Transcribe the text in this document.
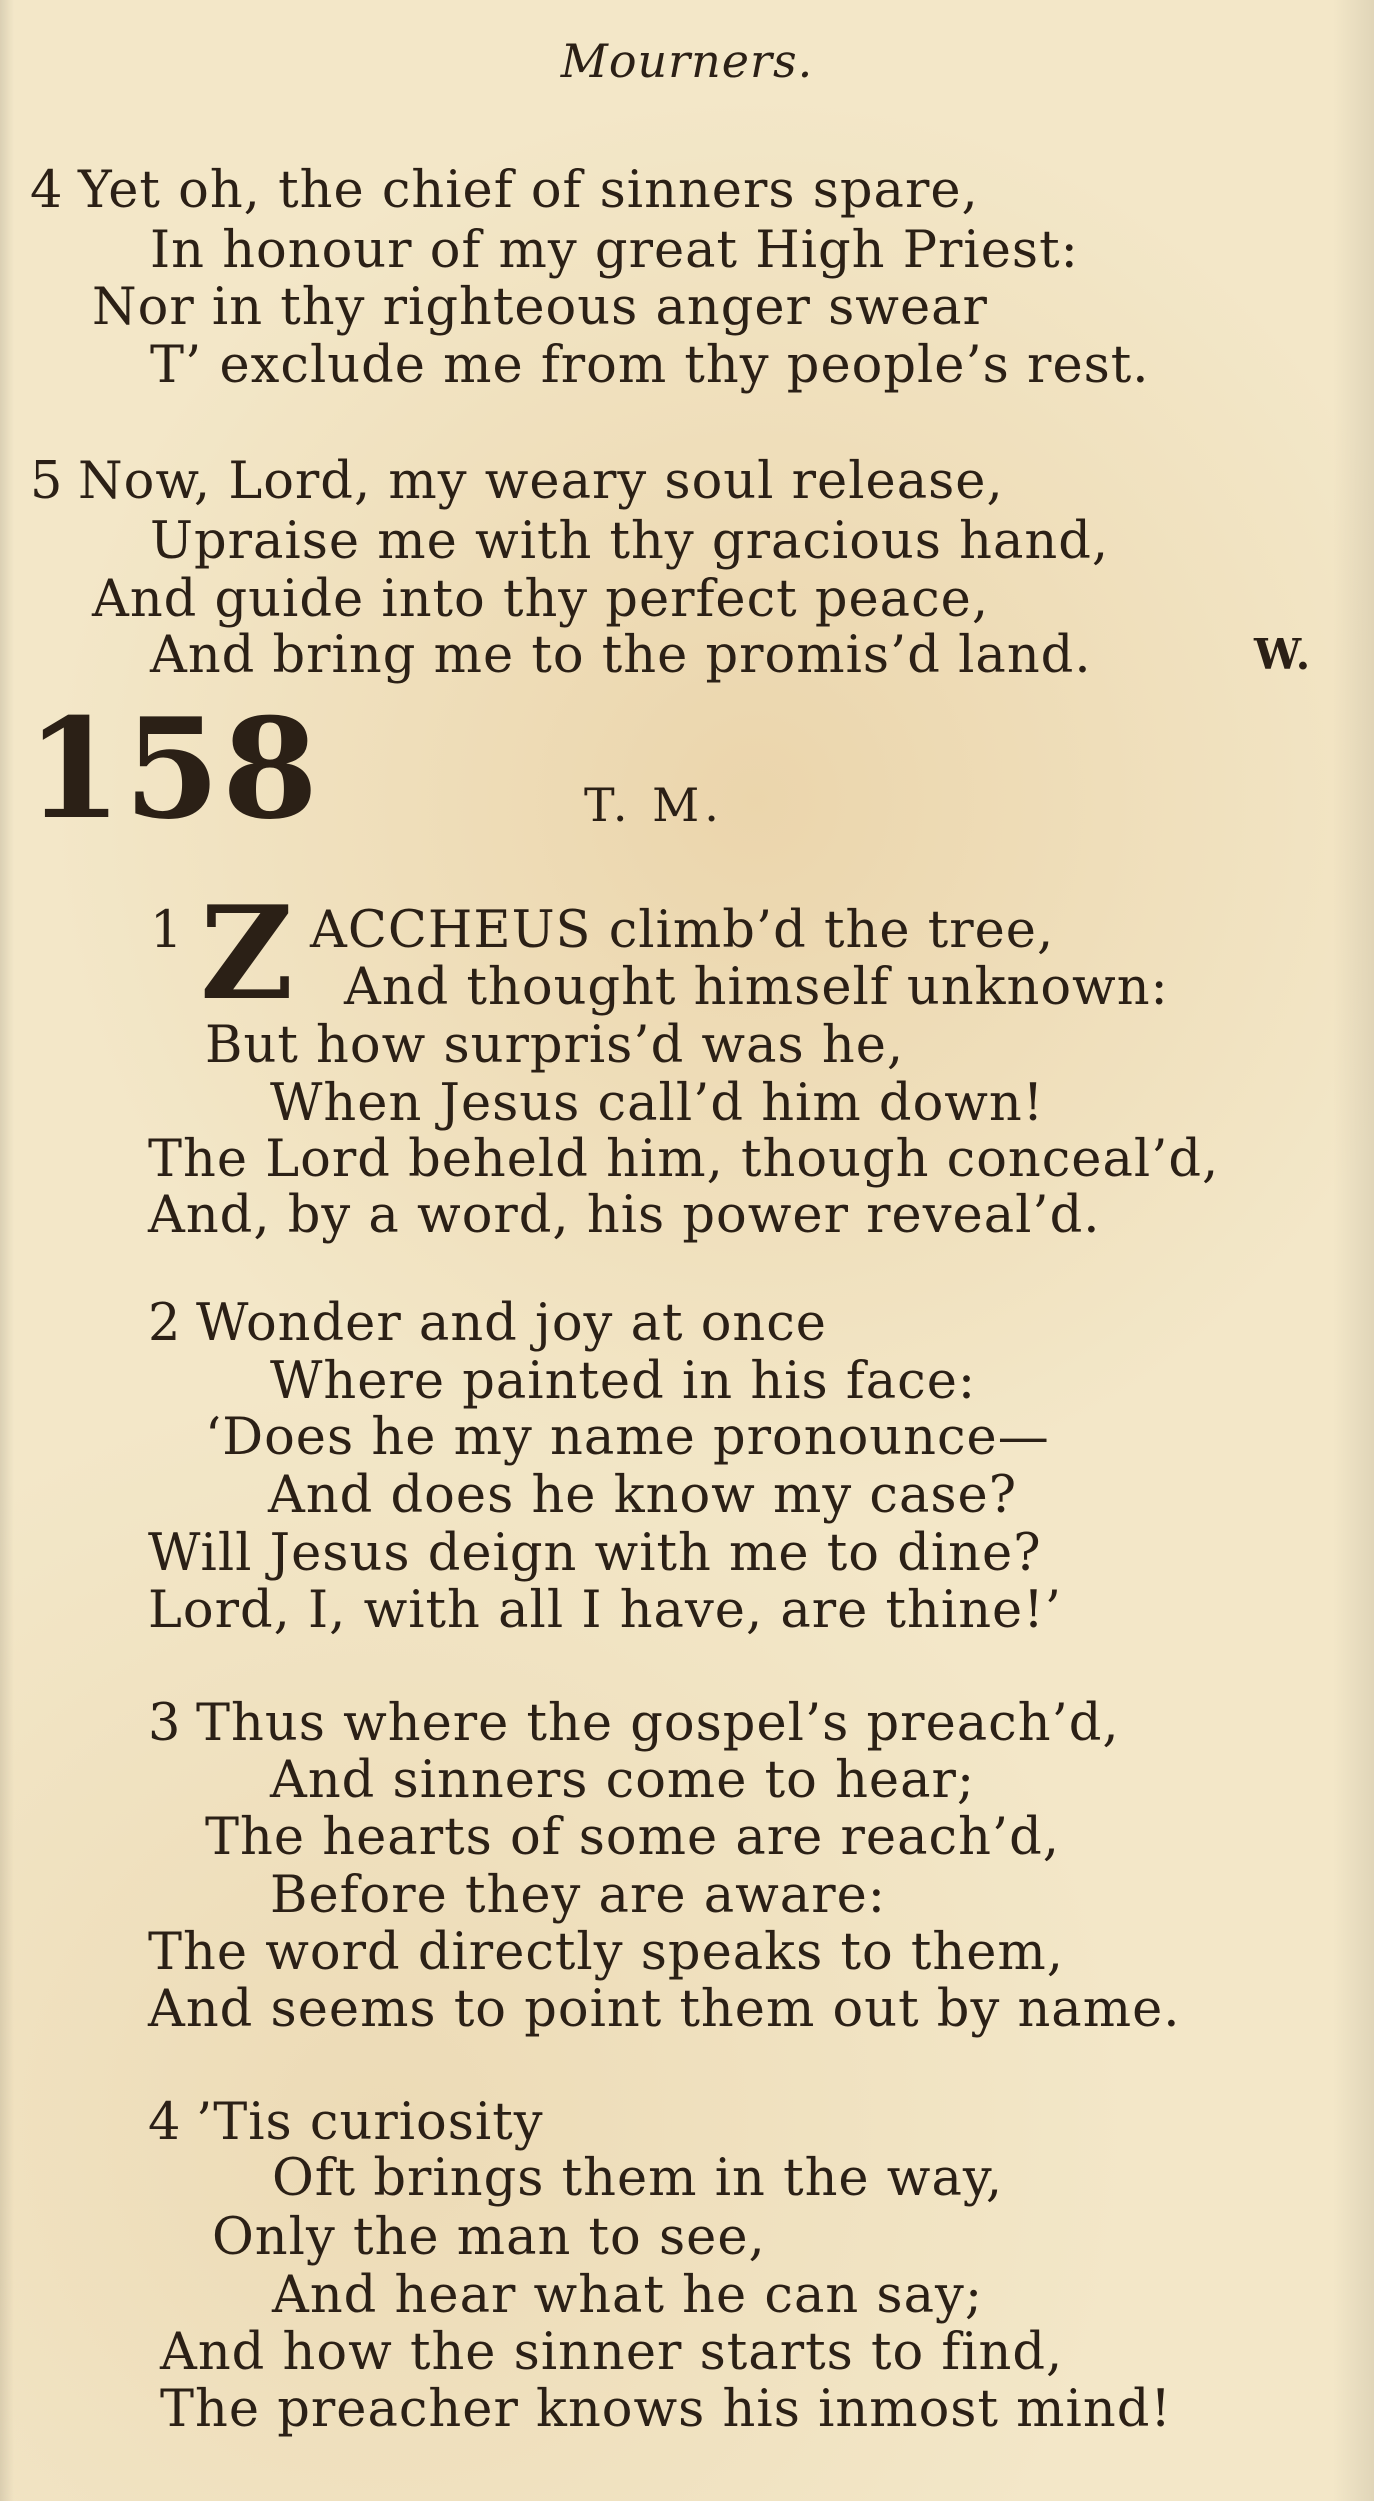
Mourners.
4 Yet oh, the chief of sinners spare,
In honour of my great High Priest:
Nor in thy righteous anger swear
T’ exclude me from thy people’s rest.
5 Now, Lord, my weary soul release,
Upraise me with thy gracious hand,
And guide into thy perfect peace,
And bring me to the promis’d land.	W.
158	T. M.
1 Z ACCHEUS climb’d the tree,
And thought himself unknown:
But how surpris’d was he,
When Jesus call’d him down!
The Lord beheld him, though conceal’d,
And, by a word, his power reveal’d.
2 Wonder and joy at once
Where painted in his face:
‘Does he my name pronounce—
And does he know my case?
Will Jesus deign with me to dine?
Lord, I, with all I have, are thine!’
3 Thus where the gospel’s preach’d,
And sinners come to hear;
The hearts of some are reach’d,
Before they are aware:
The word directly speaks to them,
And seems to point them out by name.
4 ’Tis curiosity
Oft brings them in the way,
Only the man to see,
And hear what he can say;
And how the sinner starts to find,
The preacher knows his inmost mind!
